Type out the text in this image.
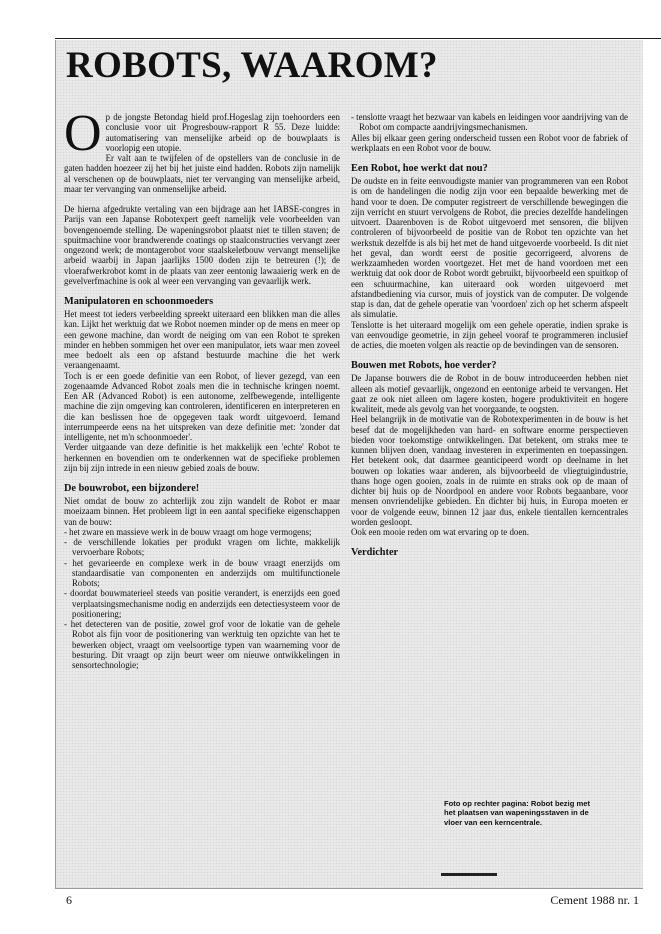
ROBOTS, WAAROM?

Op de jongste Betondag hield prof.Hogeslag zijn toehoorders een conclusie voor uit Progresbouw-rapport R 55. Deze luidde: automatisering van menselijke arbeid op de bouwplaats is voorlopig een utopie.

Er valt aan te twijfelen of de opstellers van de conclusie in de gaten hadden hoezeer zij het bij het juiste eind hadden. Robots zijn namelijk al verschenen op de bouwplaats, niet ter vervanging van menselijke arbeid, maar ter vervanging van onmenselijke arbeid.

De hierna afgedrukte vertaling van een bijdrage aan het IABSE-congres in Parijs van een Japanse Robotexpert geeft namelijk vele voorbeelden van bovengenoemde stelling. De wapeningsrobot plaatst niet te tillen staven; de spuitmachine voor brandwerende coatings op staalconstructies vervangt zeer ongezond werk; de montagerobot voor staalskeletbouw vervangt menselijke arbeid waarbij in Japan jaarlijks 1500 doden zijn te betreuren (!); de vloerafwerkrobot komt in de plaats van zeer eentonig lawaaierig werk en de gevelverfmachine is ook al weer een vervanging van gevaarlijk werk.

Manipulatoren en schoonmoeders

Het meest tot ieders verbeelding spreekt uiteraard een blikken man die alles kan. Lijkt het werktuig dat we Robot noemen minder op de mens en meer op een gewone machine, dan wordt de neiging om van een Robot te spreken minder en hebben sommigen het over een manipulator, iets waar men zoveel mee bedoelt als een op afstand bestuurde machine die het werk veraangenaamt.

Toch is er een goede definitie van een Robot, of liever gezegd, van een zogenaamde Advanced Robot zoals men die in technische kringen noemt. Een AR (Advanced Robot) is een autonome, zelfbewegende, intelligente machine die zijn omgeving kan controleren, identificeren en interpreteren en die kan beslissen hoe de opgegeven taak wordt uitgevoerd. Iemand interrumpeerde eens na het uitspreken van deze definitie met: 'zonder dat intelligente, net m'n schoonmoeder'.

Verder uitgaande van deze definitie is het makkelijk een 'echte' Robot te herkennen en bovendien om te onderkennen wat de specifieke problemen zijn bij zijn intrede in een nieuw gebied zoals de bouw.

De bouwrobot, een bijzondere!

Niet omdat de bouw zo achterlijk zou zijn wandelt de Robot er maar moeizaam binnen. Het probleem ligt in een aantal specifieke eigenschappen van de bouw:

- het zware en massieve werk in de bouw vraagt om hoge vermogens;
- de verschillende lokaties per produkt vragen om lichte, makkelijk vervoerbare Robots;
- het gevarieerde en complexe werk in de bouw vraagt enerzijds om standaardisatie van componenten en anderzijds om multifunctionele Robots;
- doordat bouwmaterieel steeds van positie verandert, is enerzijds een goed verplaatsingsmechanisme nodig en anderzijds een detectiesysteem voor de positionering;
- het detecteren van de positie, zowel grof voor de lokatie van de gehele Robot als fijn voor de positionering van werktuig ten opzichte van het te bewerken object, vraagt om veelsoortige typen van waarneming voor de besturing. Dit vraagt op zijn beurt weer om nieuwe ontwikkelingen in sensortechnologie;
- tenslotte vraagt het bezwaar van kabels en leidingen voor aandrijving van de Robot om compacte aandrijvingsmechanismen.

Alles bij elkaar geen gering onderscheid tussen een Robot voor de fabriek of werkplaats en een Robot voor de bouw.

Een Robot, hoe werkt dat nou?

De oudste en in feite eenvoudigste manier van programmeren van een Robot is om de handelingen die nodig zijn voor een bepaalde bewerking met de hand voor te doen. De computer registreert de verschillende bewegingen die zijn verricht en stuurt vervolgens de Robot, die precies dezelfde handelingen uitvoert. Daarenboven is de Robot uitgevoerd met sensoren, die blijven controleren of bijvoorbeeld de positie van de Robot ten opzichte van het werkstuk dezelfde is als bij het met de hand uitgevoerde voorbeeld. Is dit niet het geval, dan wordt eerst de positie gecorrigeerd, alvorens de werkzaamheden worden voortgezet. Het met de hand voordoen met een werktuig dat ook door de Robot wordt gebruikt, bijvoorbeeld een spuitkop of een schuurmachine, kan uiteraard ook worden uitgevoerd met afstandbediening via cursor, muis of joystick van de computer. De volgende stap is dan, dat de gehele operatie van 'voordoen' zich op het scherm afspeelt als simulatie.

Tenslotte is het uiteraard mogelijk om een gehele operatie, indien sprake is van eenvoudige geometrie, in zijn geheel vooraf te programmeren inclusief de acties, die moeten volgen als reactie op de bevindingen van de sensoren.

Bouwen met Robots, hoe verder?

De Japanse bouwers die de Robot in de bouw introduceerden hebben niet alleen als motief gevaarlijk, ongezond en eentonige arbeid te vervangen. Het gaat ze ook niet alleen om lagere kosten, hogere produktiviteit en hogere kwaliteit, mede als gevolg van het voorgaande, te oogsten.

Heel belangrijk in de motivatie van de Robotexperimenten in de bouw is het besef dat de mogelijkheden van hard- en software enorme perspectieven bieden voor toekomstige ontwikkelingen. Dat betekent, om straks mee te kunnen blijven doen, vandaag investeren in experimenten en toepassingen. Het betekent ook, dat daarmee geanticipeerd wordt op deelname in het bouwen op lokaties waar anderen, als bijvoorbeeld de vliegtuigindustrie, thans hoge ogen gooien, zoals in de ruimte en straks ook op de maan of dichter bij huis op de Noordpool en andere voor Robots begaanbare, voor mensen onvriendelijke gebieden. En dichter bij huis, in Europa moeten er voor de volgende eeuw, binnen 12 jaar dus, enkele tientallen kerncentrales worden gesloopt.

Ook een mooie reden om wat ervaring op te doen.

Verdichter
Foto op rechter pagina: Robot bezig met het plaatsen van wapeningsstaven in de vloer van een kerncentrale.
6	Cement 1988 nr. 1
